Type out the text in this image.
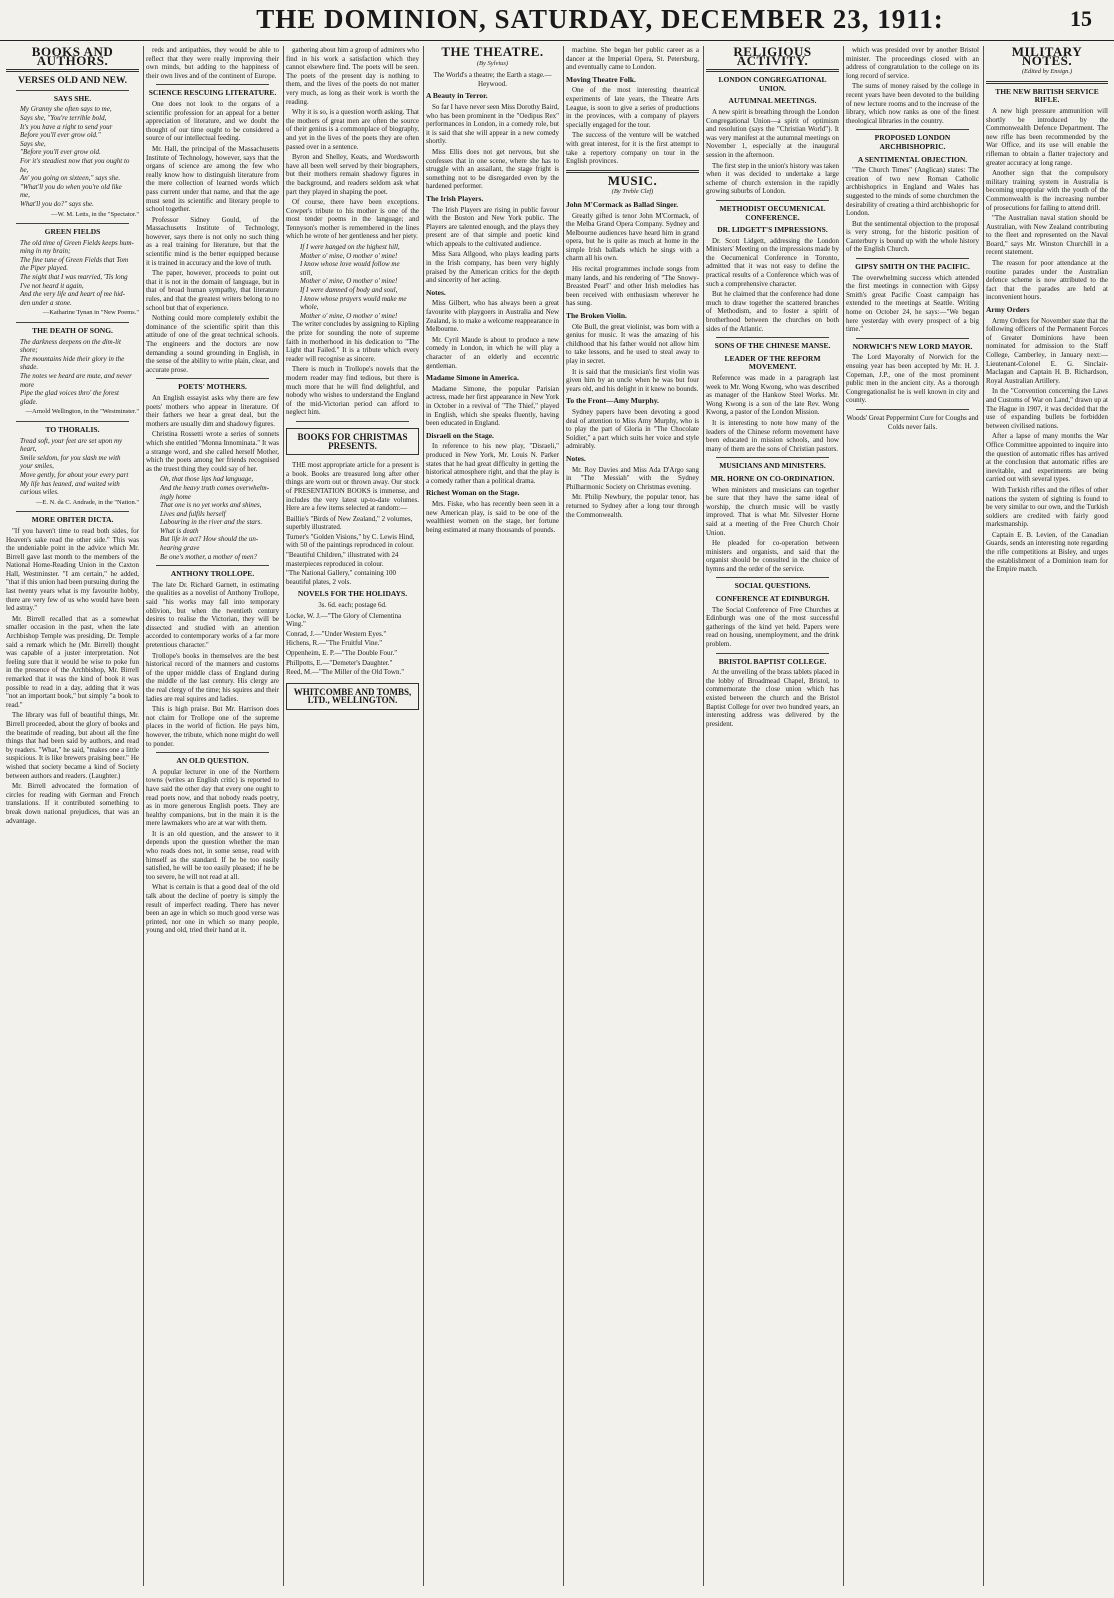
THE DOMINION, SATURDAY, DECEMBER 23, 1911:	15
BOOKS AND AUTHORS.
VERSES OLD AND NEW.
SAYS SHE.

My Granny she often says to me,

Says she, "You're terrible bold,

It's you have a right to send your

Before you'll ever grow old."

Says she,

"Before you'll ever grow old.

For it's steadiest now that you ought to

be,

An' you going on sixteen," says she.

"What'll you do when you're old like

me,

What'll you do?" says she.

—W. M. Letts, in the "Spectator."
GREEN FIELDS

The old time of Green Fields keeps hum-

ming in my brain;

The fine tune of Green Fields that Tom

the Piper played.

The night that I was married, 'Tis long

I've not heard it again,

And the very life and heart of me hid-

den under a stone.

—Katharine Tynan in "New Poems."
THE DEATH OF SONG.

The darkness deepens on the dim-lit

shore;

The mountains hide their glory in the

shade.

The notes we heard are mute, and never

more

Pipe the glad voices thro' the forest

glade.

—Arnold Wellington, in the "Westminster."
TO THORALIS.

Tread soft, your feet are set upon my

heart,

Smile seldom, for you slash me with

your smiles,

Move gently, for about your every part

My life has leaned, and waited with

curious wiles.

—E. N. da C. Andrade, in the "Nation."
MORE OBITER DICTA.

"If you haven't time to read both sides, for Heaven's sake read the other side." This was the undeniable point in the advice which Mr. Birrell gave last month to the members of the National Home-Reading Union in the Caxton Hall, Westminster. "I am certain," he added, "that if this union had been pursuing during the last twenty years what is my favourite hobby, there are very few of us who would have been led astray."

Mr. Birrell recalled that as a somewhat smaller occasion in the past, when the late Archbishop Temple was presiding, Dr. Temple said a remark which he (Mr. Birrell) thought was capable of a juster interpretation. Not feeling sure that it would be wise to poke fun in the presence of the Archbishop, Mr. Birrell remarked that it was the kind of book it was possible to read in a day, adding that it was "not an important book," but simply "a book to read."

The library was full of beautiful things, Mr. Birrell proceeded, about the glory of books and the beatitude of reading, but about all the fine things that had been said by authors, and read by readers. "What," he said, "makes one a little suspicious. It is like brewers praising beer." He wished that society became a kind of Society between authors and readers. (Laughter.)

Mr. Birrell advocated the formation of circles for reading with German and French translations. If it contributed something to break down national prejudices, that was an advantage.

reds and antipathies, they would be able to reflect that they were really improving their own minds, but adding to the happiness of their own lives and of the continent of Europe.

SCIENCE RESCUING LITERATURE.

One does not look to the organs of a scientific profession for an appeal for a better appreciation of literature, and we doubt the thought of our time ought to be considered a source of our intellectual feeding.

Mr. Hall, the principal of the Massachusetts Institute of Technology, however, says that the organs of science are among the few who really know how to distinguish literature from the mere collection of learned words which pass current under that name, and that the age must send its scientific and literary people to school together.

Professor Sidney Gould, of the Massachusetts Institute of Technology, however, says there is not only no such thing as a real training for literature, but that the scientific mind is the better equipped because it is trained in accuracy and the love of truth.

The paper, however, proceeds to point out that it is not in the domain of language, but in that of broad human sympathy, that literature rules, and that the greatest writers belong to no school but that of experience.

Nothing could more completely exhibit the dominance of the scientific spirit than this attitude of one of the great technical schools. The engineers and the doctors are now demanding a sound grounding in English, in the sense of the ability to write plain, clear, and accurate prose.

POETS' MOTHERS.

An English essayist asks why there are few poets' mothers who appear in literature. Of their fathers we hear a great deal, but the mothers are usually dim and shadowy figures.

Christina Rossetti wrote a series of sonnets which she entitled "Monna Innominata." It was a strange word, and she called herself Mother, which the poets among her friends recognised as the truest thing they could say of her.

Oh, that those lips had language,

And the heavy truth comes overwhelm-

ingly home

That one is no yet works and shines,

Lives and fulfils herself

Labouring in the river and the stars.

What is death

But life in act? How should the un-

hearing grave

Be one's mother, a mother of men?

ANTHONY TROLLOPE.

The late Dr. Richard Garnett, in estimating the qualities as a novelist of Anthony Trollope, said "his works may fall into temporary oblivion, but when the twentieth century desires to realise the Victorian, they will be dissected and studied with an attention accorded to contemporary works of a far more pretentious character."

Trollope's books in themselves are the best historical record of the manners and customs of the upper middle class of England during the middle of the last century. His clergy are the real clergy of the time; his squires and their ladies are real squires and ladies.

This is high praise. But Mr. Harrison does not claim for Trollope one of the supreme places in the world of fiction. He pays him, however, the tribute, which none might do well to ponder.

AN OLD QUESTION.

A popular lecturer in one of the Northern towns (writes an English critic) is reported to have said the other day that every one ought to read poets now, and that nobody reads poetry, as in more generous English poets. They are healthy companions, but in the main it is the mere lawmakers who are at war with them.

It is an old question, and the answer to it depends upon the question whether the man who reads does not, in some sense, read with himself as the standard. If he be too easily satisfied, he will be too easily pleased; if he be too severe, he will not read at all.

What is certain is that a good deal of the old talk about the decline of poetry is simply the result of imperfect reading. There has never been an age in which so much good verse was printed, nor one in which so many people, young and old, tried their hand at it.

gathering about him a group of admirers who find in his work a satisfaction which they cannot elsewhere find. The poets will be seen. The poets of the present day is nothing to them, and the lives of the poets do not matter very much, as long as their work is worth the reading.

Why it is so, is a question worth asking. That the mothers of great men are often the source of their genius is a commonplace of biography, and yet in the lives of the poets they are often passed over in a sentence.

Byron and Shelley, Keats, and Wordsworth have all been well served by their biographers, but their mothers remain shadowy figures in the background, and readers seldom ask what part they played in shaping the poet.

Of course, there have been exceptions. Cowper's tribute to his mother is one of the most tender poems in the language; and Tennyson's mother is remembered in the lines which he wrote of her gentleness and her piety.

If I were hanged on the highest hill,

Mother o' mine, O mother o' mine!

I know whose love would follow me

still,

Mother o' mine, O mother o' mine!

If I were damned of body and soul,

I know whose prayers would make me

whole,

Mother o' mine, O mother o' mine!

The writer concludes by assigning to Kipling the prize for sounding the note of supreme faith in motherhood in his dedication to "The Light that Failed." It is a tribute which every reader will recognise as sincere.

There is much in Trollope's novels that the modern reader may find tedious, but there is much more that he will find delightful, and nobody who wishes to understand the England of the mid-Victorian period can afford to neglect him.

BOOKS FOR CHRISTMAS PRESENTS.

THE most appropriate article for a present is a book. Books are treasured long after other things are worn out or thrown away. Our stock of PRESENTATION BOOKS is immense, and includes the very latest up-to-date volumes. Here are a few items selected at random:—

Baillie's "Birds of New Zealand," 2 volumes, superbly illustrated.
Turner's "Golden Visions," by C. Lewis Hind, with 50 of the paintings reproduced in colour.
"Beautiful Children," illustrated with 24 masterpieces reproduced in colour.
"The National Gallery," containing 100 beautiful plates, 2 vols.
NOVELS FOR THE HOLIDAYS.

3s. 6d. each; postage 6d.

Locke, W. J.—"The Glory of Clementina Wing."
Conrad, J.—"Under Western Eyes."
Hichens, R.—"The Fruitful Vine."
Oppenheim, E. P.—"The Double Four."
Phillpotts, E.—"Demeter's Daughter."
Reed, M.—"The Miller of the Old Town."
WHITCOMBE AND TOMBS, LTD., WELLINGTON.
THE THEATRE.
(By Sylvius)

The World's a theatre; the Earth a stage.—Heywood.

A Beauty in Terror.

So far I have never seen Miss Dorothy Baird, who has been prominent in the "Oedipus Rex" performances in London, in a comedy role, but it is said that she will appear in a new comedy shortly.

Miss Ellis does not get nervous, but she confesses that in one scene, where she has to struggle with an assailant, the stage fright is something not to be disregarded even by the hardened performer.

The Irish Players.

The Irish Players are rising in public favour with the Boston and New York public. The Players are talented enough, and the plays they present are of that simple and poetic kind which appeals to the cultivated audience.

Miss Sara Allgood, who plays leading parts in the Irish company, has been very highly praised by the American critics for the depth and sincerity of her acting.

Notes.

Miss Gilbert, who has always been a great favourite with playgoers in Australia and New Zealand, is to make a welcome reappearance in Melbourne.

Mr. Cyril Maude is about to produce a new comedy in London, in which he will play a character of an elderly and eccentric gentleman.

Madame Simone in America.

Madame Simone, the popular Parisian actress, made her first appearance in New York in October in a revival of "The Thief," played in English, which she speaks fluently, having been educated in England.

Disraeli on the Stage.

In reference to his new play, "Disraeli," produced in New York, Mr. Louis N. Parker states that he had great difficulty in getting the historical atmosphere right, and that the play is a comedy rather than a political drama.

Richest Woman on the Stage.

Mrs. Fiske, who has recently been seen in a new American play, is said to be one of the wealthiest women on the stage, her fortune being estimated at many thousands of pounds.

machine. She began her public career as a dancer at the Imperial Opera, St. Petersburg, and eventually came to London.

Moving Theatre Folk.

One of the most interesting theatrical experiments of late years, the Theatre Arts League, is soon to give a series of productions in the provinces, with a company of players specially engaged for the tour.

The success of the venture will be watched with great interest, for it is the first attempt to take a repertory company on tour in the English provinces.

MUSIC.
(By Treble Clef)
John M'Cormack as Ballad Singer.

Greatly gifted is tenor John M'Cormack, of the Melba Grand Opera Company. Sydney and Melbourne audiences have heard him in grand opera, but he is quite as much at home in the simple Irish ballads which he sings with a charm all his own.

His recital programmes include songs from many lands, and his rendering of "The Snowy-Breasted Pearl" and other Irish melodies has been received with enthusiasm wherever he has sung.

The Broken Violin.

Ole Bull, the great violinist, was born with a genius for music. It was the amazing of his childhood that his father would not allow him to take lessons, and he used to steal away to play in secret.

It is said that the musician's first violin was given him by an uncle when he was but four years old, and his delight in it knew no bounds.

To the Front—Amy Murphy.

Sydney papers have been devoting a good deal of attention to Miss Amy Murphy, who is to play the part of Gloria in "The Chocolate Soldier," a part which suits her voice and style admirably.

Notes.

Mr. Roy Davies and Miss Ada D'Argo sang in "The Messiah" with the Sydney Philharmonic Society on Christmas evening.

Mr. Philip Newbury, the popular tenor, has returned to Sydney after a long tour through the Commonwealth.

RELIGIOUS ACTIVITY.
LONDON CONGREGATIONAL UNION.
AUTUMNAL MEETINGS.

A new spirit is breathing through the London Congregational Union—a spirit of optimism and resolution (says the "Christian World"). It was very manifest at the autumnal meetings on November 1, especially at the inaugural session in the afternoon.

The first step in the union's history was taken when it was decided to undertake a large scheme of church extension in the rapidly growing suburbs of London.

METHODIST OECUMENICAL CONFERENCE.
DR. LIDGETT'S IMPRESSIONS.

Dr. Scott Lidgett, addressing the London Ministers' Meeting on the impressions made by the Oecumenical Conference in Toronto, admitted that it was not easy to define the practical results of a Conference which was of such a comprehensive character.

But he claimed that the conference had done much to draw together the scattered branches of Methodism, and to foster a spirit of brotherhood between the churches on both sides of the Atlantic.

SONS OF THE CHINESE MANSE.
LEADER OF THE REFORM MOVEMENT.

Reference was made in a paragraph last week to Mr. Wong Kwong, who was described as manager of the Hankow Steel Works. Mr. Wong Kwong is a son of the late Rev. Wong Kwong, a pastor of the London Mission.

It is interesting to note how many of the leaders of the Chinese reform movement have been educated in mission schools, and how many of them are the sons of Christian pastors.

MUSICIANS AND MINISTERS.
MR. HORNE ON CO-ORDINATION.

When ministers and musicians can together be sure that they have the same ideal of worship, the church music will be vastly improved. That is what Mr. Silvester Horne said at a meeting of the Free Church Choir Union.

He pleaded for co-operation between ministers and organists, and said that the organist should be consulted in the choice of hymns and the order of the service.

SOCIAL QUESTIONS.
CONFERENCE AT EDINBURGH.

The Social Conference of Free Churches at Edinburgh was one of the most successful gatherings of the kind yet held. Papers were read on housing, unemployment, and the drink problem.

BRISTOL BAPTIST COLLEGE.

At the unveiling of the brass tablets placed in the lobby of Broadmead Chapel, Bristol, to commemorate the close union which has existed between the church and the Bristol Baptist College for over two hundred years, an interesting address was delivered by the president.

which was presided over by another Bristol minister. The proceedings closed with an address of congratulation to the college on its long record of service.

The sums of money raised by the college in recent years have been devoted to the building of new lecture rooms and to the increase of the library, which now ranks as one of the finest theological libraries in the country.

PROPOSED LONDON ARCHBISHOPRIC.
A SENTIMENTAL OBJECTION.

"The Church Times" (Anglican) states: The creation of two new Roman Catholic archbishoprics in England and Wales has suggested to the minds of some churchmen the desirability of creating a third archbishopric for London.

But the sentimental objection to the proposal is very strong, for the historic position of Canterbury is bound up with the whole history of the English Church.

GIPSY SMITH ON THE PACIFIC.

The overwhelming success which attended the first meetings in connection with Gipsy Smith's great Pacific Coast campaign has extended to the meetings at Seattle. Writing home on October 24, he says:—"We began here yesterday with every prospect of a big time."

NORWICH'S NEW LORD MAYOR.

The Lord Mayoralty of Norwich for the ensuing year has been accepted by Mr. H. J. Copeman, J.P., one of the most prominent public men in the ancient city. As a thorough Congregationalist he is well known in city and county.

Woods' Great Peppermint Cure for Coughs and Colds never fails.

MILITARY NOTES.
(Edited by Ensign.)
THE NEW BRITISH SERVICE RIFLE.

A new high pressure ammunition will shortly be introduced by the Commonwealth Defence Department. The new rifle has been recommended by the War Office, and its use will enable the rifleman to obtain a flatter trajectory and greater accuracy at long range.

Another sign that the compulsory military training system in Australia is becoming unpopular with the youth of the Commonwealth is the increasing number of prosecutions for failing to attend drill.

"The Australian naval station should be Australian, with New Zealand contributing to the fleet and represented on the Naval Board," says Mr. Winston Churchill in a recent statement.

The reason for poor attendance at the routine parades under the Australian defence scheme is now attributed to the fact that the parades are held at inconvenient hours.

Army Orders

Army Orders for November state that the following officers of the Permanent Forces of Greater Dominions have been nominated for admission to the Staff College, Camberley, in January next:— Lieutenant-Colonel E. G. Sinclair-Maclagan and Captain H. B. Richardson, Royal Australian Artillery.

In the "Convention concerning the Laws and Customs of War on Land," drawn up at The Hague in 1907, it was decided that the use of expanding bullets be forbidden between civilised nations.

After a lapse of many months the War Office Committee appointed to inquire into the question of automatic rifles has arrived at the conclusion that automatic rifles are inevitable, and experiments are being carried out with several types.

With Turkish rifles and the rifles of other nations the system of sighting is found to be very similar to our own, and the Turkish soldiers are credited with fairly good marksmanship.

Captain E. B. Levien, of the Canadian Guards, sends an interesting note regarding the rifle competitions at Bisley, and urges the establishment of a Dominion team for the Empire match.
